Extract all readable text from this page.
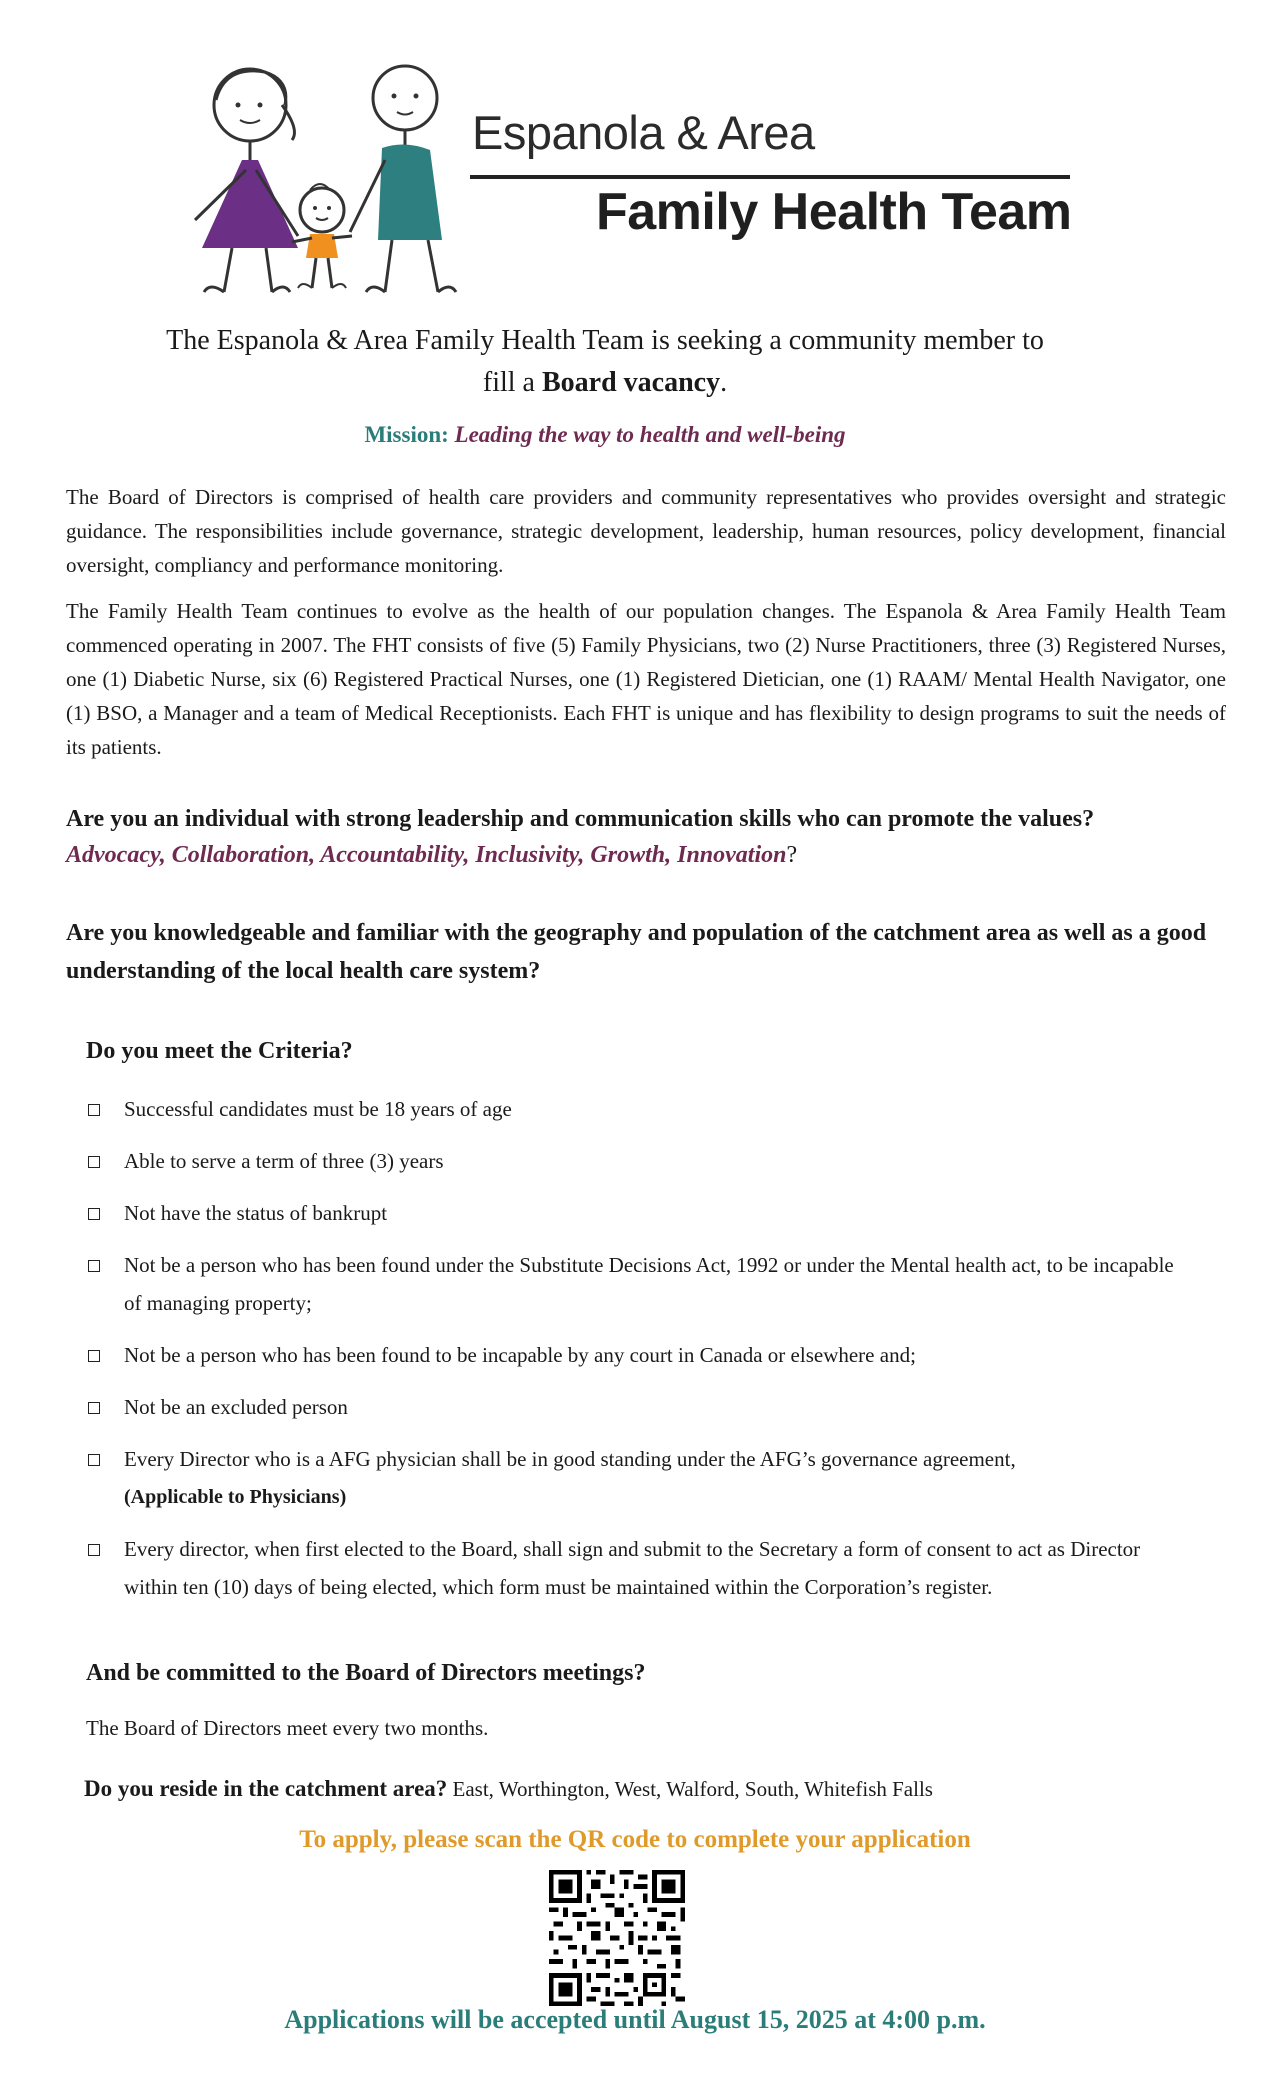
Espanola & Area
Family Health Team
The Espanola & Area Family Health Team is seeking a community member to
fill a Board vacancy.
Mission: Leading the way to health and well-being
The Board of Directors is comprised of health care providers and community representatives who provides oversight and strategic guidance. The responsibilities include governance, strategic development, leadership, human resources, policy development, financial oversight, compliancy and performance monitoring.
The Family Health Team continues to evolve as the health of our population changes. The Espanola & Area Family Health Team commenced operating in 2007. The FHT consists of five (5) Family Physicians, two (2) Nurse Practitioners, three (3) Registered Nurses, one (1) Diabetic Nurse, six (6) Registered Practical Nurses, one (1) Registered Dietician, one (1) RAAM/ Mental Health Navigator, one (1) BSO, a Manager and a team of Medical Receptionists. Each FHT is unique and has flexibility to design programs to suit the needs of its patients.
Are you an individual with strong leadership and communication skills who can promote the values?
Advocacy, Collaboration, Accountability, Inclusivity, Growth, Innovation?
Are you knowledgeable and familiar with the geography and population of the catchment area as well as a good understanding of the local health care system?
Do you meet the Criteria?
Successful candidates must be 18 years of age
Able to serve a term of three (3) years
Not have the status of bankrupt
Not be a person who has been found under the Substitute Decisions Act, 1992 or under the Mental health act, to be incapable of managing property;
Not be a person who has been found to be incapable by any court in Canada or elsewhere and;
Not be an excluded person
Every Director who is a AFG physician shall be in good standing under the AFG’s governance agreement,
(Applicable to Physicians)
Every director, when first elected to the Board, shall sign and submit to the Secretary a form of consent to act as Director within ten (10) days of being elected, which form must be maintained within the Corporation’s register.
And be committed to the Board of Directors meetings?
The Board of Directors meet every two months.
Do you reside in the catchment area? East, Worthington, West, Walford, South, Whitefish Falls
To apply, please scan the QR code to complete your application
Applications will be accepted until August 15, 2025 at 4:00 p.m.
